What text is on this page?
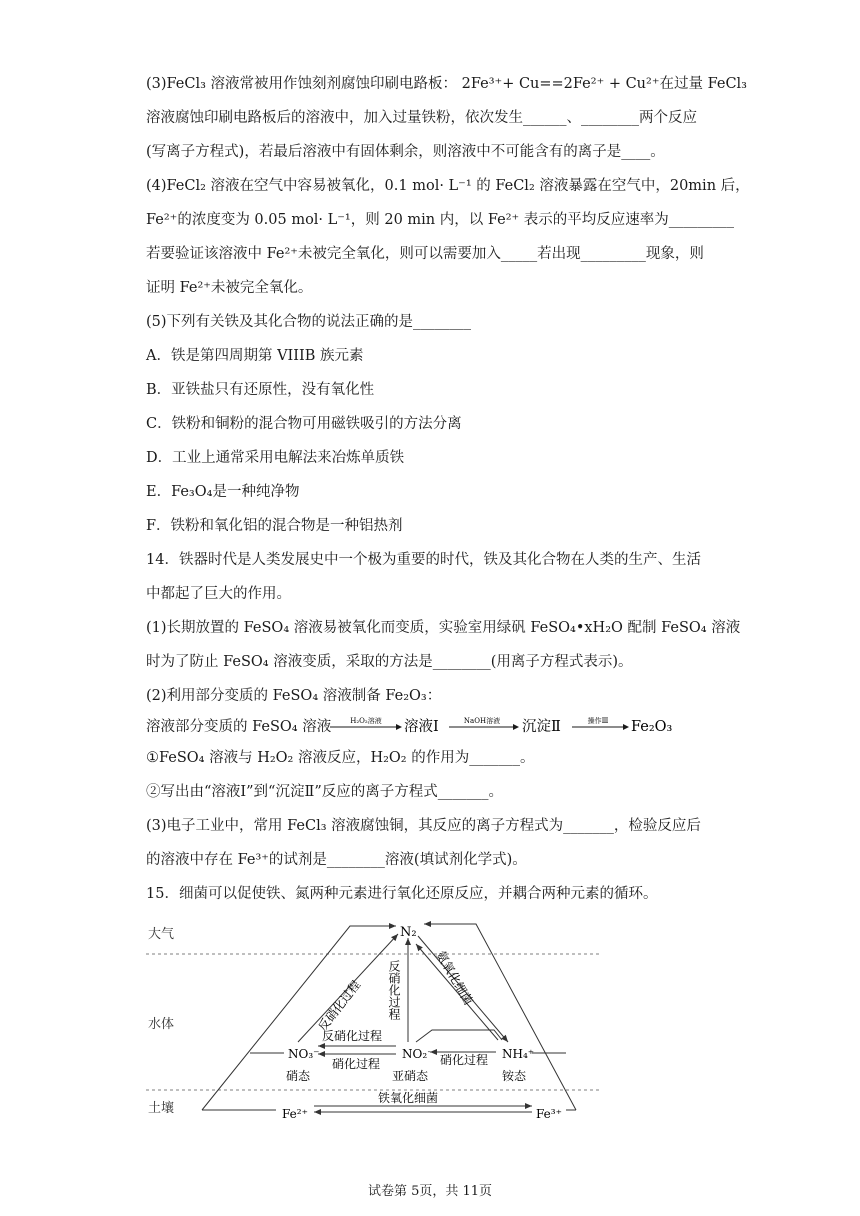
(3)FeCl₃ 溶液常被用作蚀刻剂腐蚀印刷电路板： 2Fe³⁺+ Cu==2Fe²⁺ + Cu²⁺在过量 FeCl₃
溶液腐蚀印刷电路板后的溶液中，加入过量铁粉，依次发生______、________两个反应
(写离子方程式)，若最后溶液中有固体剩余，则溶液中不可能含有的离子是____。
(4)FeCl₂ 溶液在空气中容易被氧化，0.1 mol· L⁻¹ 的 FeCl₂ 溶液暴露在空气中，20min 后，
Fe²⁺的浓度变为 0.05 mol· L⁻¹，则 20 min 内，以 Fe²⁺ 表示的平均反应速率为_________
若要验证该溶液中 Fe²⁺未被完全氧化，则可以需要加入_____若出现_________现象，则
证明 Fe²⁺未被完全氧化。
(5)下列有关铁及其化合物的说法正确的是________
A．铁是第四周期第 VIIIB 族元素
B．亚铁盐只有还原性，没有氧化性
C．铁粉和铜粉的混合物可用磁铁吸引的方法分离
D．工业上通常采用电解法来冶炼单质铁
E．Fe₃O₄是一种纯净物
F．铁粉和氧化铝的混合物是一种铝热剂
14．铁器时代是人类发展史中一个极为重要的时代，铁及其化合物在人类的生产、生活
中都起了巨大的作用。
(1)长期放置的 FeSO₄ 溶液易被氧化而变质，实验室用绿矾 FeSO₄•xH₂O 配制 FeSO₄ 溶液
时为了防止 FeSO₄ 溶液变质，采取的方法是________(用离子方程式表示)。
(2)利用部分变质的 FeSO₄ 溶液制备 Fe₂O₃：
溶液部分变质的 FeSO₄ 溶液	H₂O₂溶液 溶液Ⅰ	NaOH溶液 沉淀Ⅱ	操作Ⅲ Fe₂O₃
①FeSO₄ 溶液与 H₂O₂ 溶液反应，H₂O₂ 的作用为_______。
②写出由“溶液Ⅰ”到“沉淀Ⅱ”反应的离子方程式_______。
(3)电子工业中，常用 FeCl₃ 溶液腐蚀铜，其反应的离子方程式为_______，检验反应后
的溶液中存在 Fe³⁺的试剂是________溶液(填试剂化学式)。
15．细菌可以促使铁、氮两种元素进行氧化还原反应，并耦合两种元素的循环。
大气
水体
土壤
N₂
NO₃⁻
硝态
NO₂⁻
亚硝态
NH₄⁺
铵态
Fe²⁺	Fe³⁺
铁氧化细菌
反硝化过程 反硝化过程	氨氧化细菌
反硝化过程
硝化过程	硝化过程
试卷第 5页，共 11页
